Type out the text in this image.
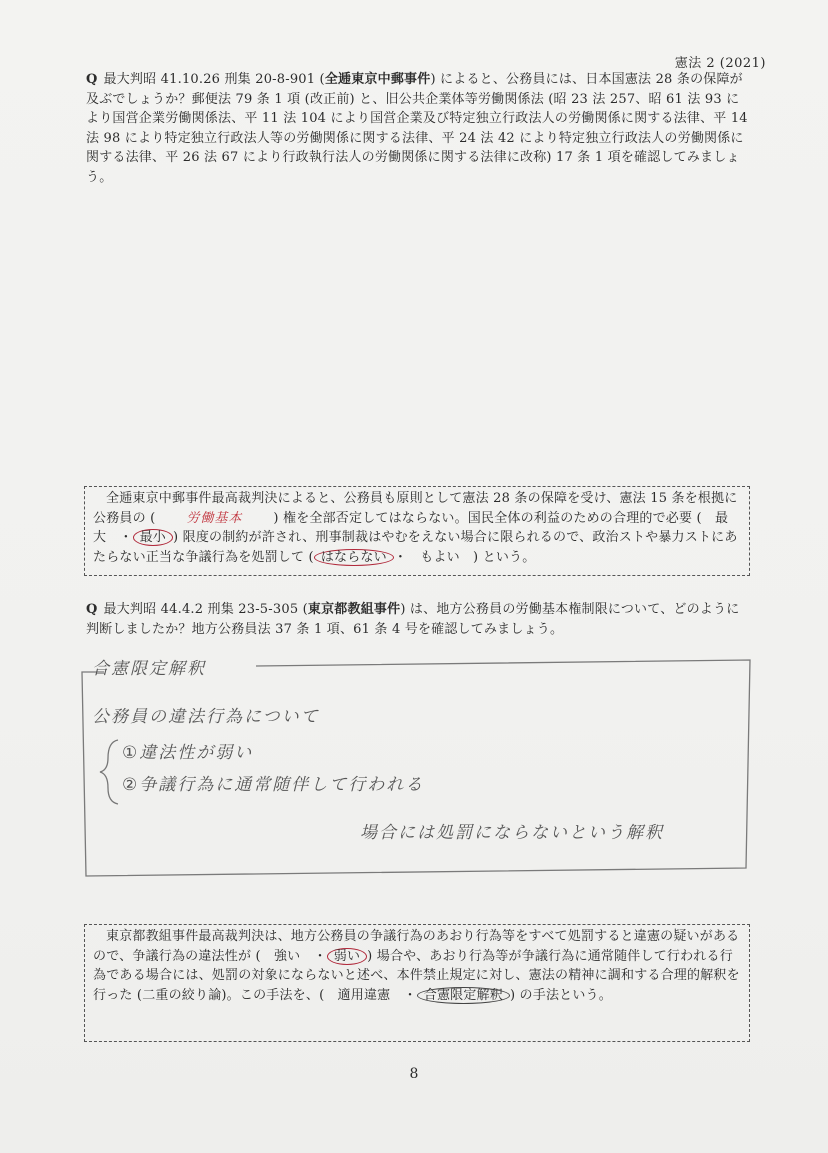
憲法 2 (2021)
Q 最大判昭 41.10.26 刑集 20-8-901 (全逓東京中郵事件) によると、公務員には、日本国憲法 28 条の保障が及ぶでしょうか？郵便法 79 条 1 項 (改正前) と、旧公共企業体等労働関係法 (昭 23 法 257、昭 61 法 93 により国営企業労働関係法、平 11 法 104 により国営企業及び特定独立行政法人の労働関係に関する法律、平 14 法 98 により特定独立行政法人等の労働関係に関する法律、平 24 法 42 により特定独立行政法人の労働関係に関する法律、平 26 法 67 により行政執行法人の労働関係に関する法律に改称) 17 条 1 項を確認してみましょう。
全逓東京中郵事件最高裁判決によると、公務員も原則として憲法 28 条の保障を受け、憲法 15 条を根拠に公務員の ( 労働基本 ) 権を全部否定してはならない。国民全体の利益のための合理的で必要 (　最大　・ 最小 ) 限度の制約が許され、刑事制裁はやむをえない場合に限られるので、政治ストや暴力ストにあたらない正当な争議行為を処罰して ( はならない ・　もよい　) という。
Q 最大判昭 44.4.2 刑集 23-5-305 (東京都教組事件) は、地方公務員の労働基本権制限について、どのように判断しましたか？地方公務員法 37 条 1 項、61 条 4 号を確認してみましょう。
合憲限定解釈
公務員の違法行為について
①違法性が弱い
②争議行為に通常随伴して行われる
場合には処罰にならないという解釈
東京都教組事件最高裁判決は、地方公務員の争議行為のあおり行為等をすべて処罰すると違憲の疑いがあるので、争議行為の違法性が (　強い　・ 弱い ) 場合や、あおり行為等が争議行為に通常随伴して行われる行為である場合には、処罰の対象にならないと述べ、本件禁止規定に対し、憲法の精神に調和する合理的解釈を行った (二重の絞り論)。この手法を、(　適用違憲　・ 合憲限定解釈 ) の手法という。
8
